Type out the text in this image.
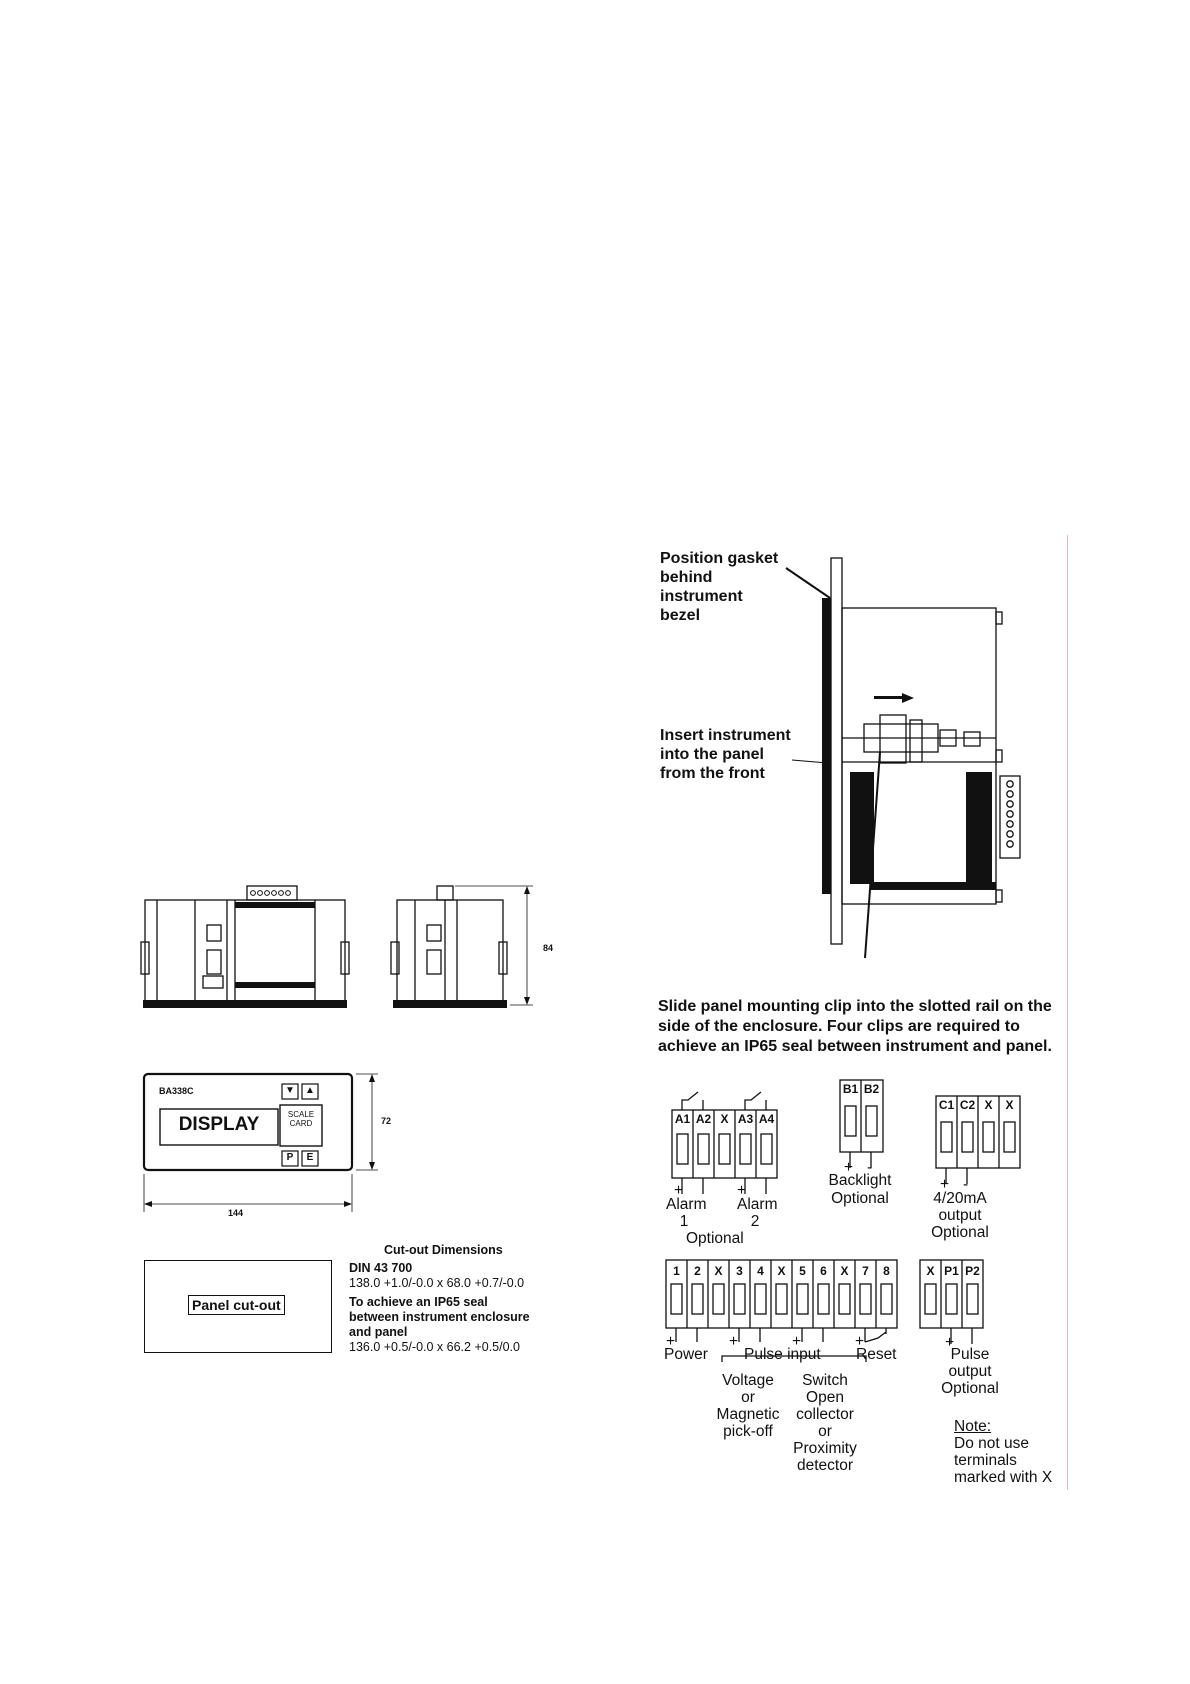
84
BA338C
DISPLAY	SCALE
CARD
▼	▲
P	E
72
144
Panel cut-out
Cut-out Dimensions
DIN 43 700
138.0 +1.0/-0.0 x 68.0 +0.7/-0.0
To achieve an IP65 seal
between instrument enclosure
and panel
136.0 +0.5/-0.0 x 66.2 +0.5/0.0
Position gasket
behind
instrument
bezel
Insert instrument
into the panel
from the front
Slide panel mounting clip into the slotted rail on the
side of the enclosure. Four clips are required to
achieve an IP65 seal between instrument and panel.
A1 A2 X A3 A4
+	+
Alarm
1
Alarm
2
Optional
B1 B2
+ -
Backlight
Optional
C1 C2 X	X
+ -
4/20mA
output
Optional
1	2	X	3	4	X	5	6	X	7	8
+	+	+	+
Power Pulse input Reset
Voltage
or
Magnetic
pick-off
Switch
Open
collector
or
Proximity
detector
X P1 P2
+
Pulse
output
Optional
Note:
Do not use
terminals
marked with X
